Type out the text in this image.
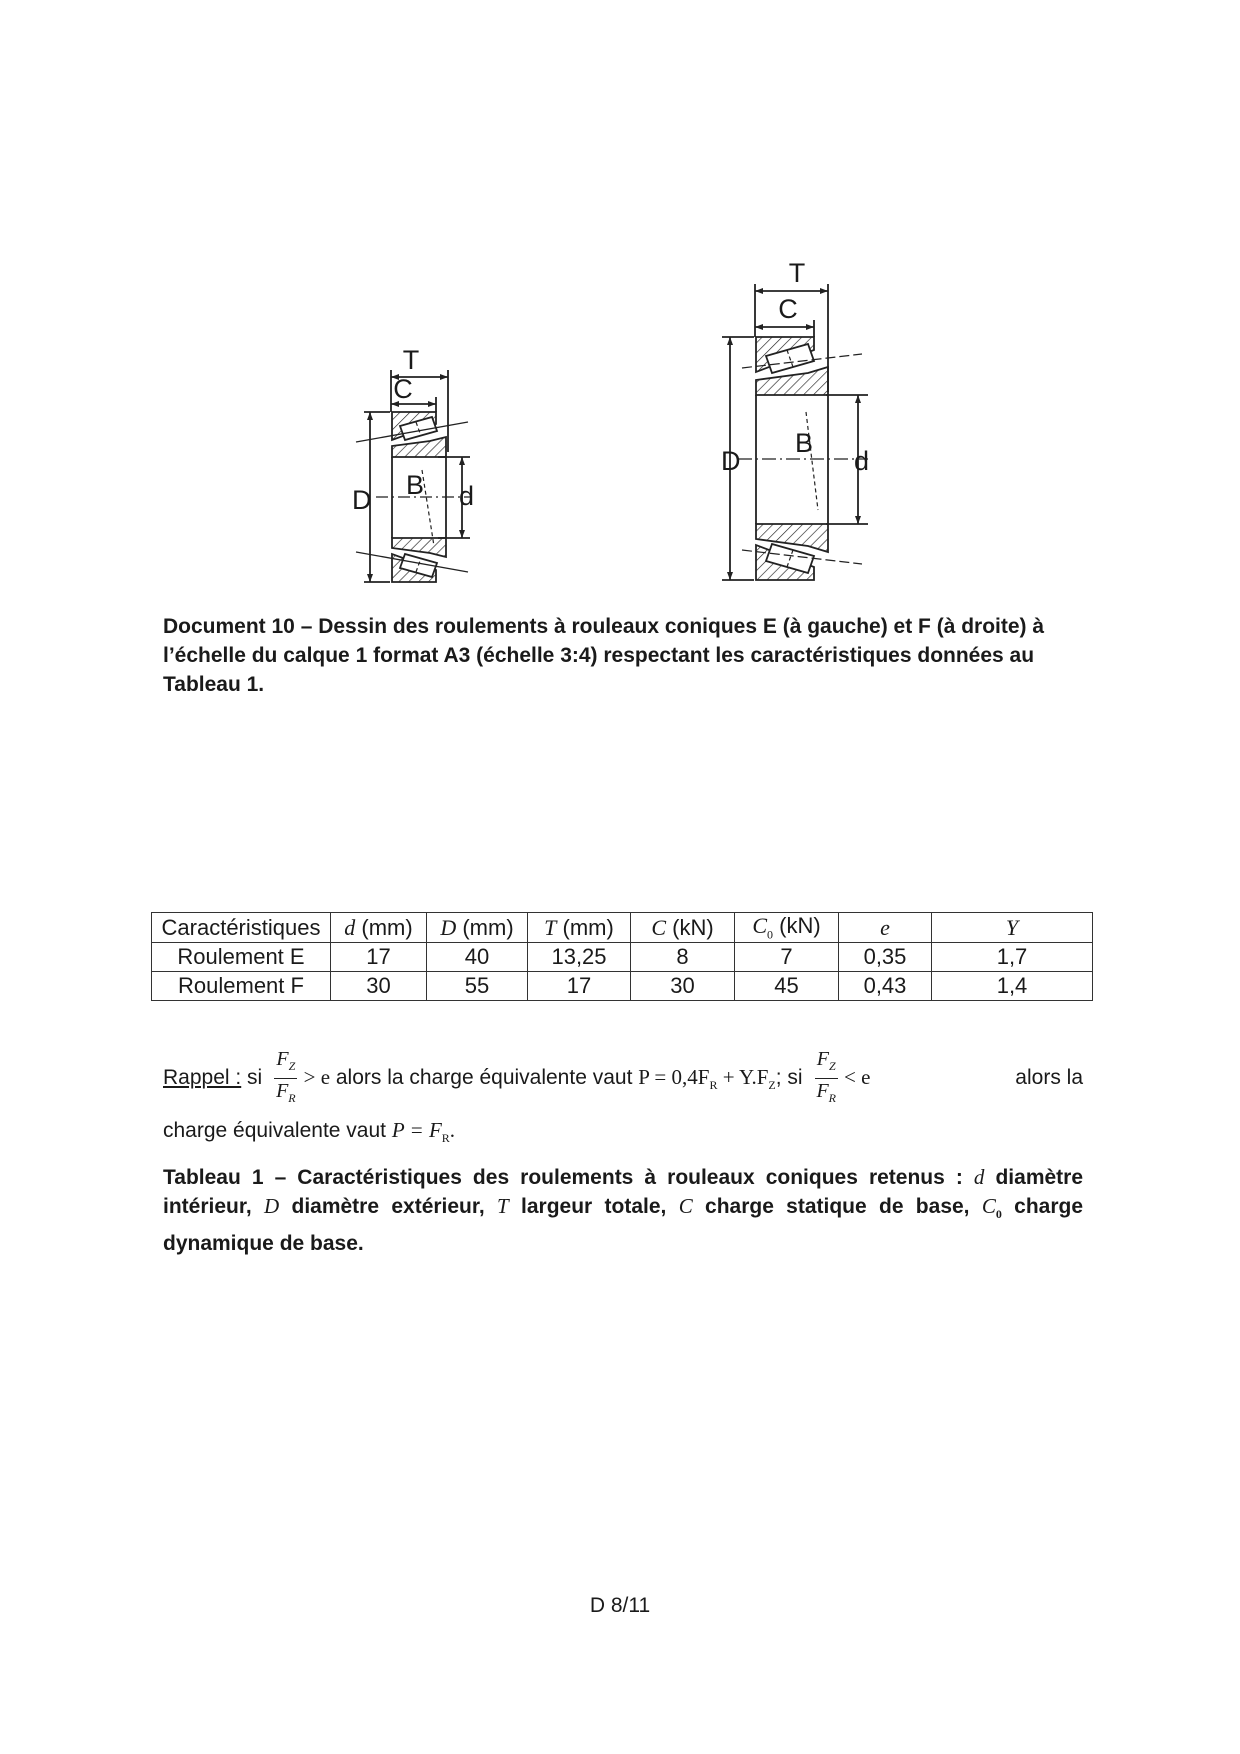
T
C
B
D	d
T
C
B
D	d
Document 10 – Dessin des roulements à rouleaux coniques E (à gauche) et F (à droite) à l’échelle du calque 1 format A3 (échelle 3:4) respectant les caractéristiques données au Tableau 1.
Caractéristiques	d (mm)	D (mm)	T (mm)	C (kN)	$C_0$ (kN)	e	Y
Roulement E	17	40	13,25	8	7	0,35	1,7
Roulement F	30	55	17	30	45	0,43	1,4
Rappel : si $\frac{F_Z}{F_R} > e$ alors la charge équivalente vaut $P = 0,4F_R + Y.F_Z$; si $\frac{F_Z}{F_R} < e$	alors la
charge équivalente vaut $P = F_R$.
Tableau 1 – Caractéristiques des roulements à rouleaux coniques retenus : d diamètre intérieur, D diamètre extérieur, T largeur totale, C charge statique de base, $C_0$ charge dynamique de base.
D 8/11
